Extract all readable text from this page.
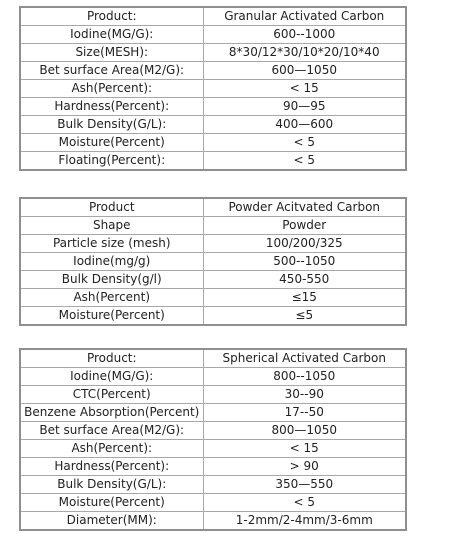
Product:	Granular Activated Carbon
Iodine(MG/G):	600--1000
Size(MESH):	8*30/12*30/10*20/10*40
Bet surface Area(M2/G):	600—1050
Ash(Percent):	< 15
Hardness(Percent):	90—95
Bulk Density(G/L):	400—600
Moisture(Percent)	< 5
Floating(Percent):	< 5
Product	Powder Acitvated Carbon
Shape	Powder
Particle size (mesh)	100/200/325
Iodine(mg/g)	500--1050
Bulk Density(g/l)	450-550
Ash(Percent)	≤15
Moisture(Percent)	≤5
Product:	Spherical Activated Carbon
Iodine(MG/G):	800--1050
CTC(Percent)	30--90
Benzene Absorption(Percent)	17--50
Bet surface Area(M2/G):	800—1050
Ash(Percent):	< 15
Hardness(Percent):	> 90
Bulk Density(G/L):	350—550
Moisture(Percent)	< 5
Diameter(MM):	1-2mm/2-4mm/3-6mm
